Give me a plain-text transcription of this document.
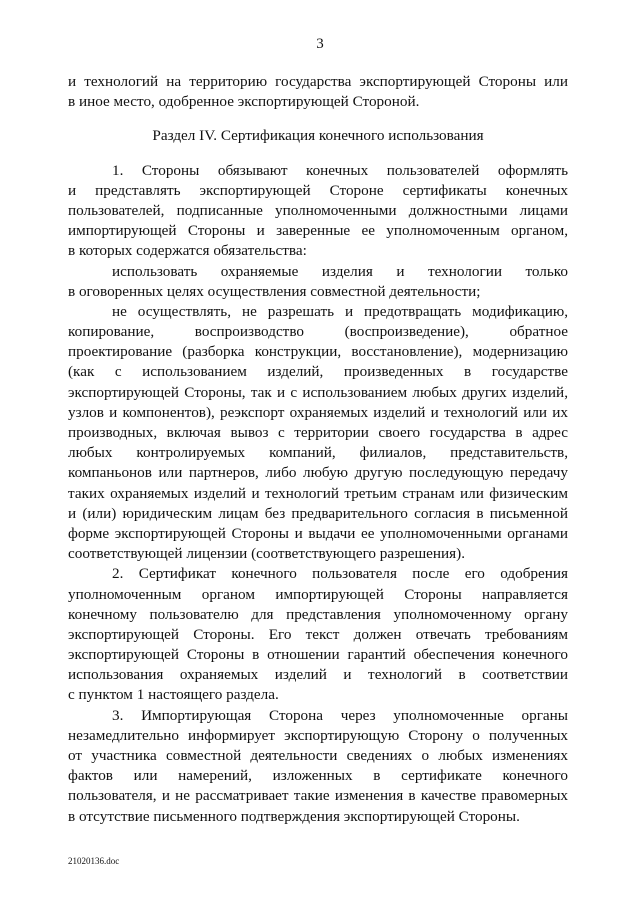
3
и технологий на территорию государства экспортирующей Стороны или
в иное место, одобренное экспортирующей Стороной.
Раздел IV. Сертификация конечного использования
1. Стороны обязывают конечных пользователей оформлять
и представлять экспортирующей Стороне сертификаты конечных
пользователей, подписанные уполномоченными должностными лицами
импортирующей Стороны и заверенные ее уполномоченным органом,
в которых содержатся обязательства:
использовать охраняемые изделия и технологии только
в оговоренных целях осуществления совместной деятельности;
не осуществлять, не разрешать и предотвращать модификацию,
копирование, воспроизводство (воспроизведение), обратное
проектирование (разборка конструкции, восстановление), модернизацию
(как с использованием изделий, произведенных в государстве
экспортирующей Стороны, так и с использованием любых других изделий,
узлов и компонентов), реэкспорт охраняемых изделий и технологий или их
производных, включая вывоз с территории своего государства в адрес
любых контролируемых компаний, филиалов, представительств,
компаньонов или партнеров, либо любую другую последующую передачу
таких охраняемых изделий и технологий третьим странам или физическим
и (или) юридическим лицам без предварительного согласия в письменной
форме экспортирующей Стороны и выдачи ее уполномоченными органами
соответствующей лицензии (соответствующего разрешения).
2. Сертификат конечного пользователя после его одобрения
уполномоченным органом импортирующей Стороны направляется
конечному пользователю для представления уполномоченному органу
экспортирующей Стороны. Его текст должен отвечать требованиям
экспортирующей Стороны в отношении гарантий обеспечения конечного
использования охраняемых изделий и технологий в соответствии
с пунктом 1 настоящего раздела.
3. Импортирующая Сторона через уполномоченные органы
незамедлительно информирует экспортирующую Сторону о полученных
от участника совместной деятельности сведениях о любых изменениях
фактов или намерений, изложенных в сертификате конечного
пользователя, и не рассматривает такие изменения в качестве правомерных
в отсутствие письменного подтверждения экспортирующей Стороны.
21020136.doc
